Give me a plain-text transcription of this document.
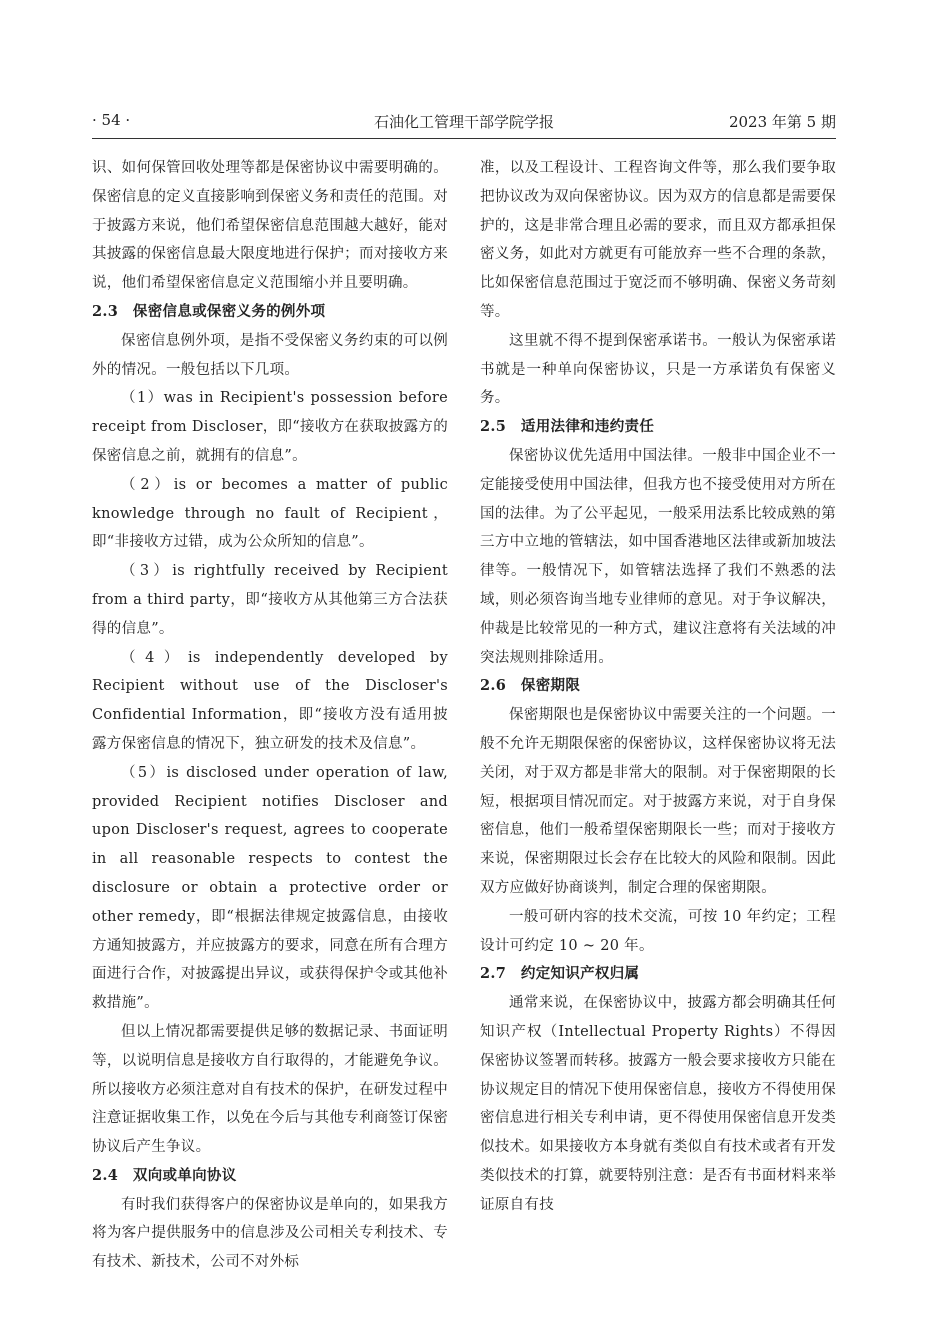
· 54 ·	石油化工管理干部学院学报	2023 年第 5 期

识、如何保管回收处理等都是保密协议中需要明确的。保密信息的定义直接影响到保密义务和责任的范围。对于披露方来说，他们希望保密信息范围越大越好，能对其披露的保密信息最大限度地进行保护；而对接收方来说，他们希望保密信息定义范围缩小并且要明确。

2.3　保密信息或保密义务的例外项

保密信息例外项，是指不受保密义务约束的可以例外的情况。一般包括以下几项。

（1）was in Recipient's possession before receipt from Discloser，即“接收方在获取披露方的保密信息之前，就拥有的信息”。

（2）is or becomes a matter of public knowledge through no fault of Recipient，即“非接收方过错，成为公众所知的信息”。

（3）is rightfully received by Recipient from a third party，即“接收方从其他第三方合法获得的信息”。

（4）is independently developed by Recipient without use of the Discloser's Confidential Information，即“接收方没有适用披露方保密信息的情况下，独立研发的技术及信息”。

（5）is disclosed under operation of law, provided Recipient notifies Discloser and upon Discloser's request, agrees to cooperate in all reasonable respects to contest the disclosure or obtain a protective order or other remedy，即“根据法律规定披露信息，由接收方通知披露方，并应披露方的要求，同意在所有合理方面进行合作，对披露提出异议，或获得保护令或其他补救措施”。

但以上情况都需要提供足够的数据记录、书面证明等，以说明信息是接收方自行取得的，才能避免争议。所以接收方必须注意对自有技术的保护，在研发过程中注意证据收集工作，以免在今后与其他专利商签订保密协议后产生争议。

2.4　双向或单向协议

有时我们获得客户的保密协议是单向的，如果我方将为客户提供服务中的信息涉及公司相关专利技术、专有技术、新技术，公司不对外标

准，以及工程设计、工程咨询文件等，那么我们要争取把协议改为双向保密协议。因为双方的信息都是需要保护的，这是非常合理且必需的要求，而且双方都承担保密义务，如此对方就更有可能放弃一些不合理的条款，比如保密信息范围过于宽泛而不够明确、保密义务苛刻等。

这里就不得不提到保密承诺书。一般认为保密承诺书就是一种单向保密协议，只是一方承诺负有保密义务。

2.5　适用法律和违约责任

保密协议优先适用中国法律。一般非中国企业不一定能接受使用中国法律，但我方也不接受使用对方所在国的法律。为了公平起见，一般采用法系比较成熟的第三方中立地的管辖法，如中国香港地区法律或新加坡法律等。一般情况下，如管辖法选择了我们不熟悉的法域，则必须咨询当地专业律师的意见。对于争议解决，仲裁是比较常见的一种方式，建议注意将有关法域的冲突法规则排除适用。

2.6　保密期限

保密期限也是保密协议中需要关注的一个问题。一般不允许无期限保密的保密协议，这样保密协议将无法关闭，对于双方都是非常大的限制。对于保密期限的长短，根据项目情况而定。对于披露方来说，对于自身保密信息，他们一般希望保密期限长一些；而对于接收方来说，保密期限过长会存在比较大的风险和限制。因此双方应做好协商谈判，制定合理的保密期限。

一般可研内容的技术交流，可按 10 年约定；工程设计可约定 10 ~ 20 年。

2.7　约定知识产权归属

通常来说，在保密协议中，披露方都会明确其任何知识产权（Intellectual Property Rights）不得因保密协议签署而转移。披露方一般会要求接收方只能在协议规定目的情况下使用保密信息，接收方不得使用保密信息进行相关专利申请，更不得使用保密信息开发类似技术。如果接收方本身就有类似自有技术或者有开发类似技术的打算，就要特别注意：是否有书面材料来举证原自有技
